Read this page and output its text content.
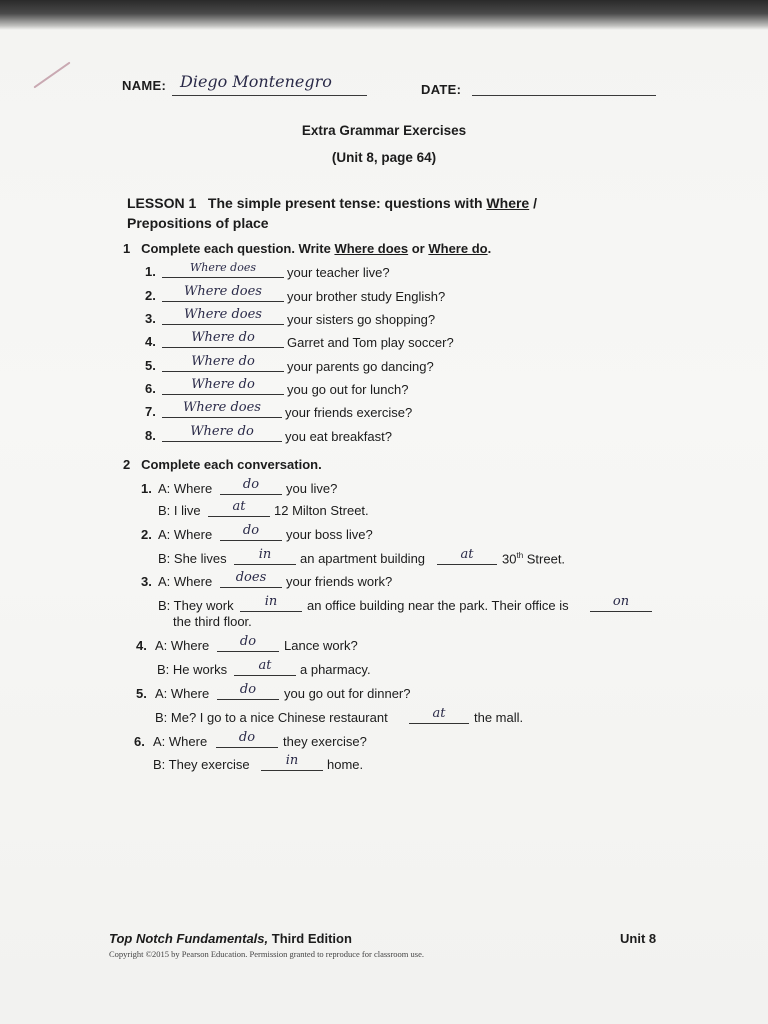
NAME: Diego Montenegro	DATE:
Extra Grammar Exercises
(Unit 8, page 64)
LESSON 1 The simple present tense: questions with Where /
Prepositions of place
1 Complete each question. Write Where does or Where do.
1.	Where does	your teacher live?
2.	Where does	your brother study English?
3.	Where does	your sisters go shopping?
4.	Where do	Garret and Tom play soccer?
5.	Where do	your parents go dancing?
6.	Where do	you go out for lunch?
7.	Where does	your friends exercise?
8.	Where do	you eat breakfast?
2 Complete each conversation.
1. A: Where	do	you live?
B: I live	at	12 Milton Street.
2. A: Where	do	your boss live?
B: She lives	in	an apartment building	at	30th Street.
3. A: Where	does	your friends work?
B: They work	in	an office building near the park. Their office is	on
the third floor.
4. A: Where	do	Lance work?
B: He works	at	a pharmacy.
5. A: Where	do	you go out for dinner?
B: Me? I go to a nice Chinese restaurant	at	the mall.
6. A: Where	do	they exercise?
B: They exercise	in	home.
Top Notch Fundamentals, Third Edition	Unit 8
Copyright ©2015 by Pearson Education. Permission granted to reproduce for classroom use.
